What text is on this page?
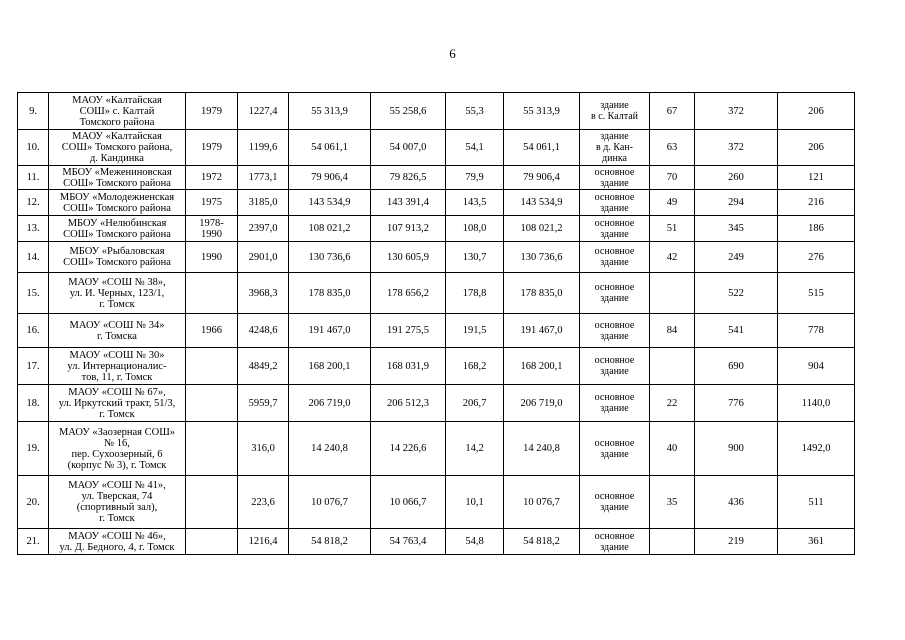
6
9.	МАОУ «Калтайская
СОШ» с. Калтай
Томского района	1979	1227,4	55 313,9	55 258,6	55,3	55 313,9	здание
в с. Калтай	67	372	206
10.	МАОУ «Калтайская
СОШ» Томского района,
д. Кандинка	1979	1199,6	54 061,1	54 007,0	54,1	54 061,1	здание
в д. Кан-
динка	63	372	206
11.	МБОУ «Межениновская
СОШ» Томского района	1972	1773,1	79 906,4	79 826,5	79,9	79 906,4	основное
здание	70	260	121
12.	МБОУ «Молодежненская
СОШ» Томского района	1975	3185,0	143 534,9	143 391,4	143,5	143 534,9	основное
здание	49	294	216
13.	МБОУ «Нелюбинская
СОШ» Томского района	1978-
1990	2397,0	108 021,2	107 913,2	108,0	108 021,2	основное
здание	51	345	186
14.	МБОУ «Рыбаловская
СОШ» Томского района	1990	2901,0	130 736,6	130 605,9	130,7	130 736,6	основное
здание	42	249	276
15.	МАОУ «СОШ № 38»,
ул. И. Черных, 123/1,
г. Томск		3968,3	178 835,0	178 656,2	178,8	178 835,0	основное
здание		522	515
16.	МАОУ «СОШ № 34»
г. Томска	1966	4248,6	191 467,0	191 275,5	191,5	191 467,0	основное
здание	84	541	778
17.	МАОУ «СОШ № 30»
ул. Интернационалис-
тов, 11, г. Томск		4849,2	168 200,1	168 031,9	168,2	168 200,1	основное
здание		690	904
18.	МАОУ «СОШ № 67»,
ул. Иркутский тракт, 51/3,
г. Томск		5959,7	206 719,0	206 512,3	206,7	206 719,0	основное
здание	22	776	1140,0
19.	МАОУ «Заозерная СОШ»
№ 16,
пер. Сухоозерный, 6
(корпус № 3), г. Томск		316,0	14 240,8	14 226,6	14,2	14 240,8	основное
здание	40	900	1492,0
20.	МАОУ «СОШ № 41»,
ул. Тверская, 74
(спортивный зал),
г. Томск		223,6	10 076,7	10 066,7	10,1	10 076,7	основное
здание	35	436	511
21.	МАОУ «СОШ № 46»,
ул. Д. Бедного, 4, г. Томск		1216,4	54 818,2	54 763,4	54,8	54 818,2	основное
здание		219	361
